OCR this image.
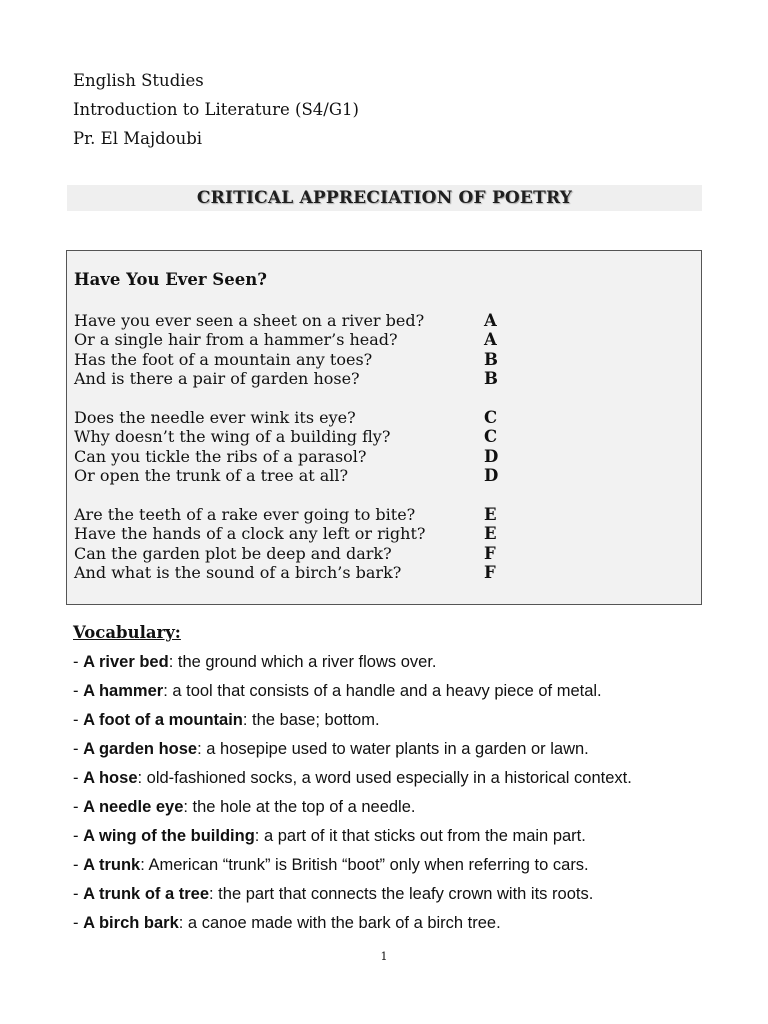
English Studies
Introduction to Literature (S4/G1)
Pr. El Majdoubi
CRITICAL APPRECIATION OF POETRY
Have You Ever Seen?
Have you ever seen a sheet on a river bed?	A
Or a single hair from a hammer’s head?	A
Has the foot of a mountain any toes?	B
And is there a pair of garden hose?	B
Does the needle ever wink its eye?	C
Why doesn’t the wing of a building fly?	C
Can you tickle the ribs of a parasol?	D
Or open the trunk of a tree at all?	D
Are the teeth of a rake ever going to bite?	E
Have the hands of a clock any left or right?	E
Can the garden plot be deep and dark?	F
And what is the sound of a birch’s bark?	F
Vocabulary:
- A river bed: the ground which a river flows over.
- A hammer: a tool that consists of a handle and a heavy piece of metal.
- A foot of a mountain: the base; bottom.
- A garden hose: a hosepipe used to water plants in a garden or lawn.
- A hose: old-fashioned socks, a word used especially in a historical context.
- A needle eye: the hole at the top of a needle.
- A wing of the building: a part of it that sticks out from the main part.
- A trunk: American “trunk” is British “boot” only when referring to cars.
- A trunk of a tree: the part that connects the leafy crown with its roots.
- A birch bark: a canoe made with the bark of a birch tree.
1
